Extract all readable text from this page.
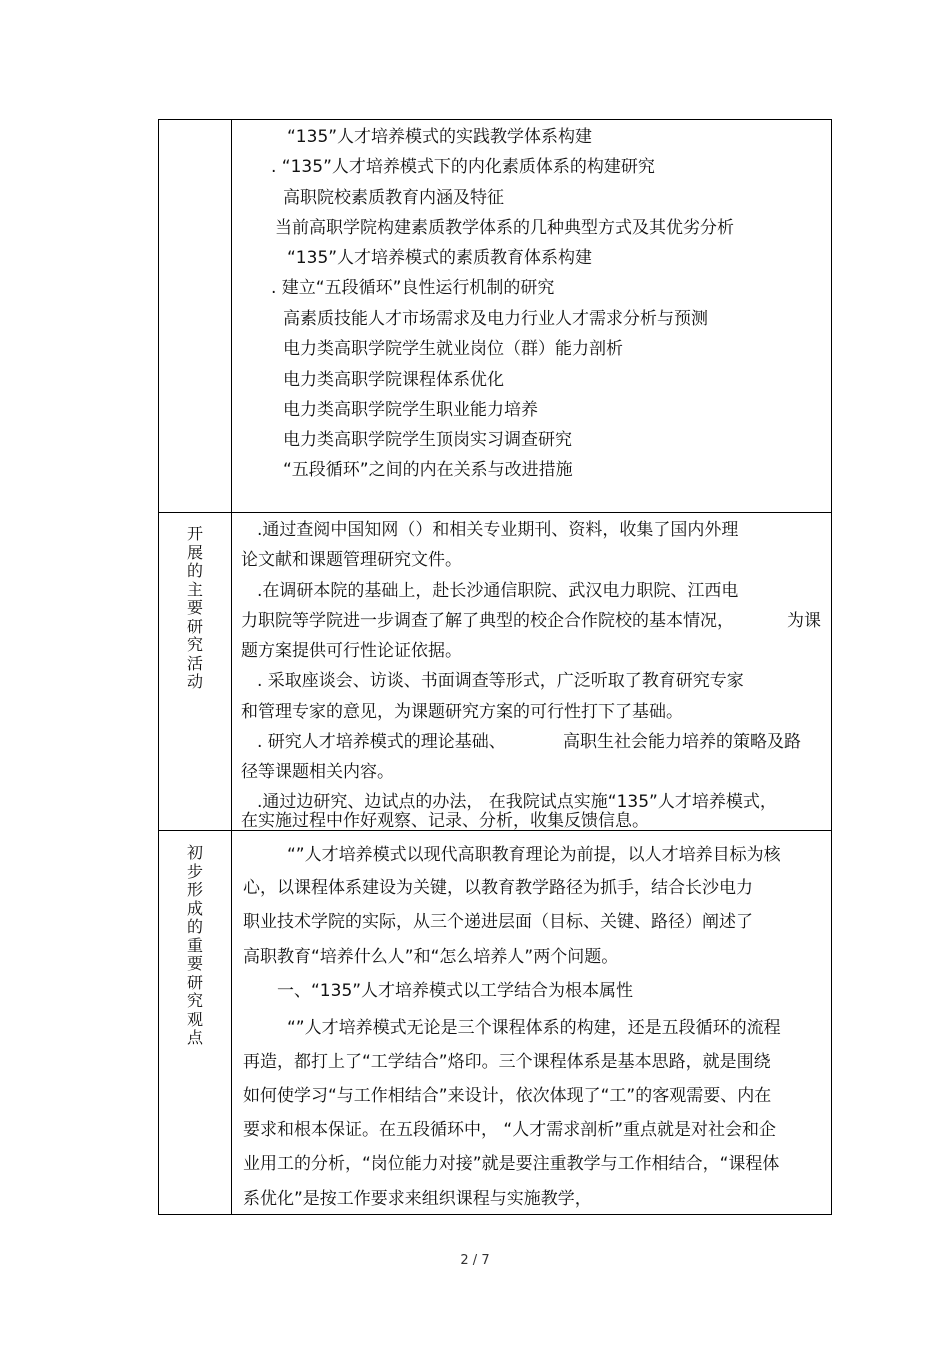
“135”人才培养模式的实践教学体系构建
. “135”人才培养模式下的内化素质体系的构建研究
高职院校素质教育内涵及特征
当前高职学院构建素质教学体系的几种典型方式及其优劣分析
“135”人才培养模式的素质教育体系构建
. 建立“五段循环”良性运行机制的研究
高素质技能人才市场需求及电力行业人才需求分析与预测
电力类高职学院学生就业岗位（群）能力剖析
电力类高职学院课程体系优化
电力类高职学院学生职业能力培养
电力类高职学院学生顶岗实习调查研究
“五段循环”之间的内在关系与改进措施
开
展
的
主
要
研
究
活
动
.通过查阅中国知网（）和相关专业期刊、资料，收集了国内外理
论文献和课题管理研究文件。
.在调研本院的基础上，赴长沙通信职院、武汉电力职院、江西电
力职院等学院进一步调查了解了典型的校企合作院校的基本情况，	为课
题方案提供可行性论证依据。
. 采取座谈会、访谈、书面调查等形式，广泛听取了教育研究专家
和管理专家的意见，为课题研究方案的可行性打下了基础。
. 研究人才培养模式的理论基础、	高职生社会能力培养的策略及路
径等课题相关内容。
.通过边研究、边试点的办法， 在我院试点实施“135”人才培养模式，
在实施过程中作好观察、记录、分析，收集反馈信息。
初
步
形
成
的
重
要
研
究
观
点
“”人才培养模式以现代高职教育理论为前提，以人才培养目标为核
心，以课程体系建设为关键，以教育教学路径为抓手，结合长沙电力
职业技术学院的实际，从三个递进层面（目标、关键、路径）阐述了
高职教育“培养什么人”和“怎么培养人”两个问题。
一、“135”人才培养模式以工学结合为根本属性
“”人才培养模式无论是三个课程体系的构建，还是五段循环的流程
再造，都打上了“工学结合”烙印。三个课程体系是基本思路，就是围绕
如何使学习“与工作相结合”来设计，依次体现了“工”的客观需要、内在
要求和根本保证。在五段循环中， “人才需求剖析”重点就是对社会和企
业用工的分析，“岗位能力对接”就是要注重教学与工作相结合，“课程体
系优化”是按工作要求来组织课程与实施教学，
2 / 7
